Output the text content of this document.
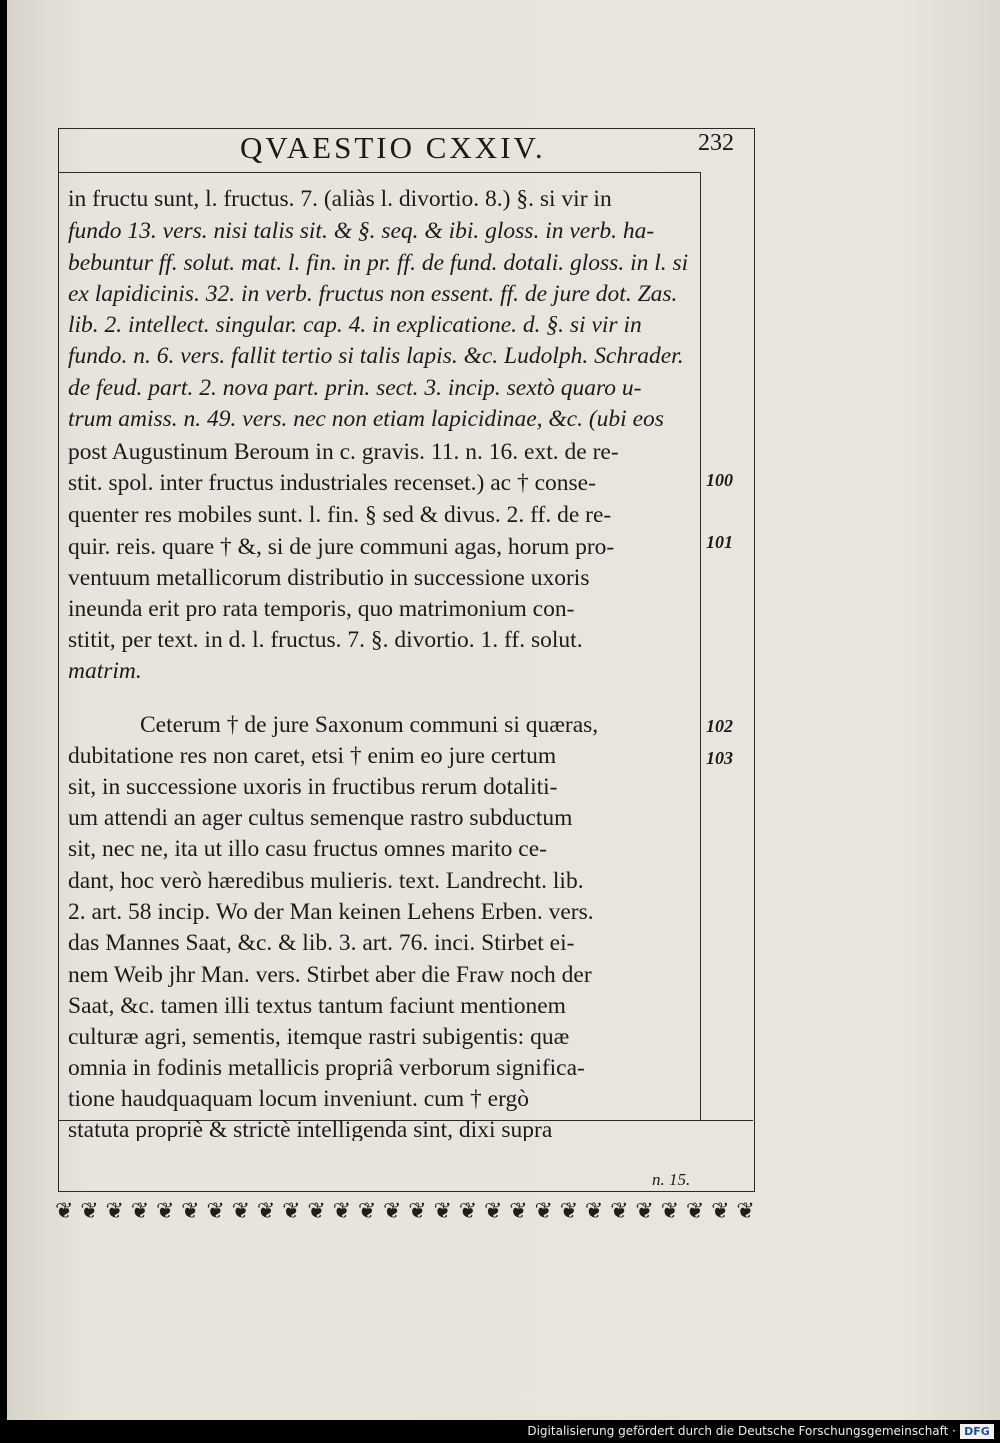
QVAESTIO CXXIV.	232
in fructu sunt, l. fructus. 7. (aliàs l. divortio. 8.) §. si vir in
fundo 13. vers. nisi talis sit. & §. seq. & ibi. gloss. in verb. ha-
bebuntur ff. solut. mat. l. fin. in pr. ff. de fund. dotali. gloss. in l. si
ex lapidicinis. 32. in verb. fructus non essent. ff. de jure dot. Zas.
lib. 2. intellect. singular. cap. 4. in explicatione. d. §. si vir in
fundo. n. 6. vers. fallit tertio si talis lapis. &c. Ludolph. Schrader.
de feud. part. 2. nova part. prin. sect. 3. incip. sextò quaro u-
trum amiss. n. 49. vers. nec non etiam lapicidinae, &c. (ubi eos
post Augustinum Beroum in c. gravis. 11. n. 16. ext. de re-
stit. spol. inter fructus industriales recenset.) ac † conse-
quenter res mobiles sunt. l. fin. § sed & divus. 2. ff. de re-
quir. reis. quare † &, si de jure communi agas, horum pro-
ventuum metallicorum distributio in successione uxoris
ineunda erit pro rata temporis, quo matrimonium con-
stitit, per text. in d. l. fructus. 7. §. divortio. 1. ff. solut.
matrim.
Ceterum † de jure Saxonum communi si quæras,
dubitatione res non caret, etsi † enim eo jure certum
sit, in successione uxoris in fructibus rerum dotaliti-
um attendi an ager cultus semenque rastro subductum
sit, nec ne, ita ut illo casu fructus omnes marito ce-
dant, hoc verò hæredibus mulieris. text. Landrecht. lib.
2. art. 58 incip. Wo der Man keinen Lehens Erben. vers.
das Mannes Saat, &c. & lib. 3. art. 76. inci. Stirbet ei-
nem Weib jhr Man. vers. Stirbet aber die Fraw noch der
Saat, &c. tamen illi textus tantum faciunt mentionem
culturæ agri, sementis, itemque rastri subigentis: quæ
omnia in fodinis metallicis propriâ verborum significa-
tione haudquaquam locum inveniunt. cum † ergò
statuta propriè & strictè intelligenda sint, dixi supra
100
101
102
103
n. 15.
❦ ❦ ❦ ❦ ❦ ❦ ❦ ❦ ❦ ❦ ❦ ❦ ❦ ❦ ❦ ❦ ❦ ❦ ❦ ❦ ❦ ❦ ❦ ❦ ❦ ❦ ❦ ❦
Digitalisierung gefördert durch die Deutsche Forschungsgemeinschaft · DFG
